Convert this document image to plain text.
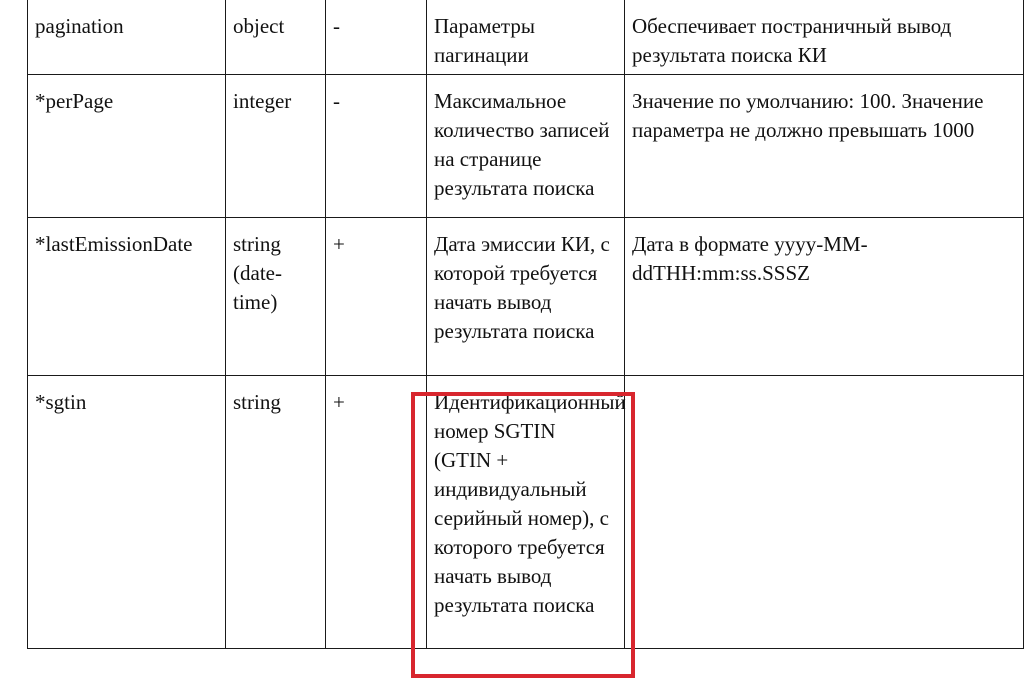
pagination	object	-	Параметры пагинации	Обеспечивает постраничный вывод результата поиска КИ
*perPage	integer	-	Максимальное количество записей на странице результата поиска	Значение по умолчанию: 100. Значение параметра не должно превышать 1000
*lastEmissionDate	string (date-time)	+	Дата эмиссии КИ, с которой требуется начать вывод результата поиска	Дата в формате yyyy-MM-ddTHH:mm:ss.SSSZ
*sgtin	string	+	Идентификационный номер SGTIN (GTIN + индивидуальный серийный номер), с которого требуется начать вывод результата поиска	
